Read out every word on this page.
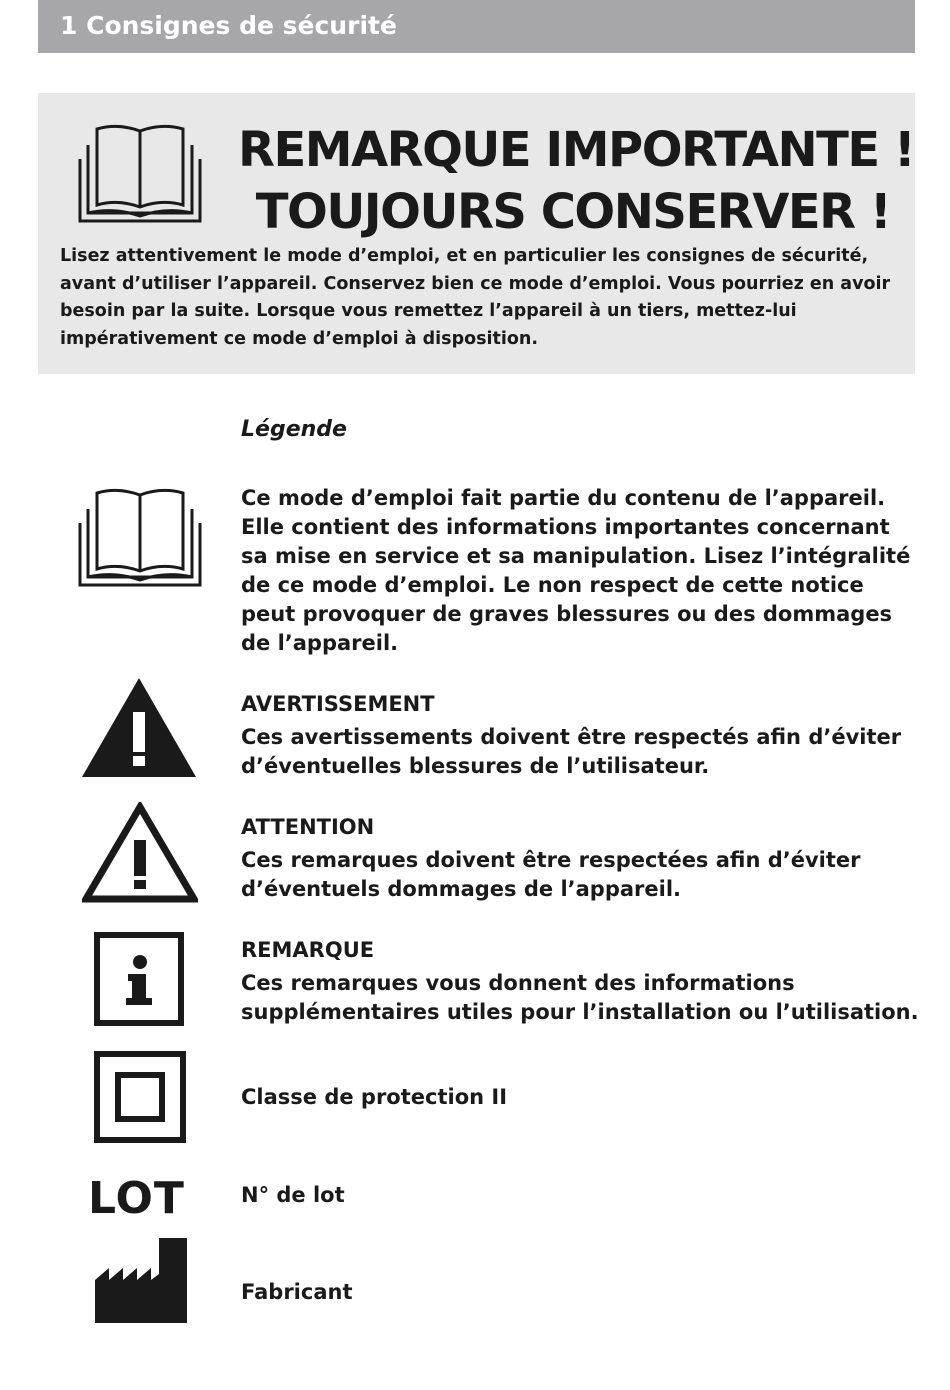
1 Consignes de sécurité
REMARQUE IMPORTANTE !
TOUJOURS CONSERVER !
Lisez attentivement le mode d’emploi, et en particulier les consignes de sécurité, avant d’utiliser l’appareil. Conservez bien ce mode d’emploi. Vous pourriez en avoir besoin par la suite. Lorsque vous remettez l’appareil à un tiers, mettez-lui impérativement ce mode d’emploi à disposition.
Légende
Ce mode d’emploi fait partie du contenu de l’appareil. Elle contient des informations importantes concernant sa mise en service et sa manipulation. Lisez l’intégralité de ce mode d’emploi. Le non respect de cette notice peut provoquer de graves blessures ou des dommages de l’appareil.
AVERTISSEMENT
Ces avertissements doivent être respectés afin d’éviter d’éventuelles blessures de l’utilisateur.
ATTENTION
Ces remarques doivent être respectées afin d’éviter d’éventuels dommages de l’appareil.
REMARQUE
Ces remarques vous donnent des informations supplémentaires utiles pour l’installation ou l’utilisation.
Classe de protection II
LOT	N° de lot
Fabricant
